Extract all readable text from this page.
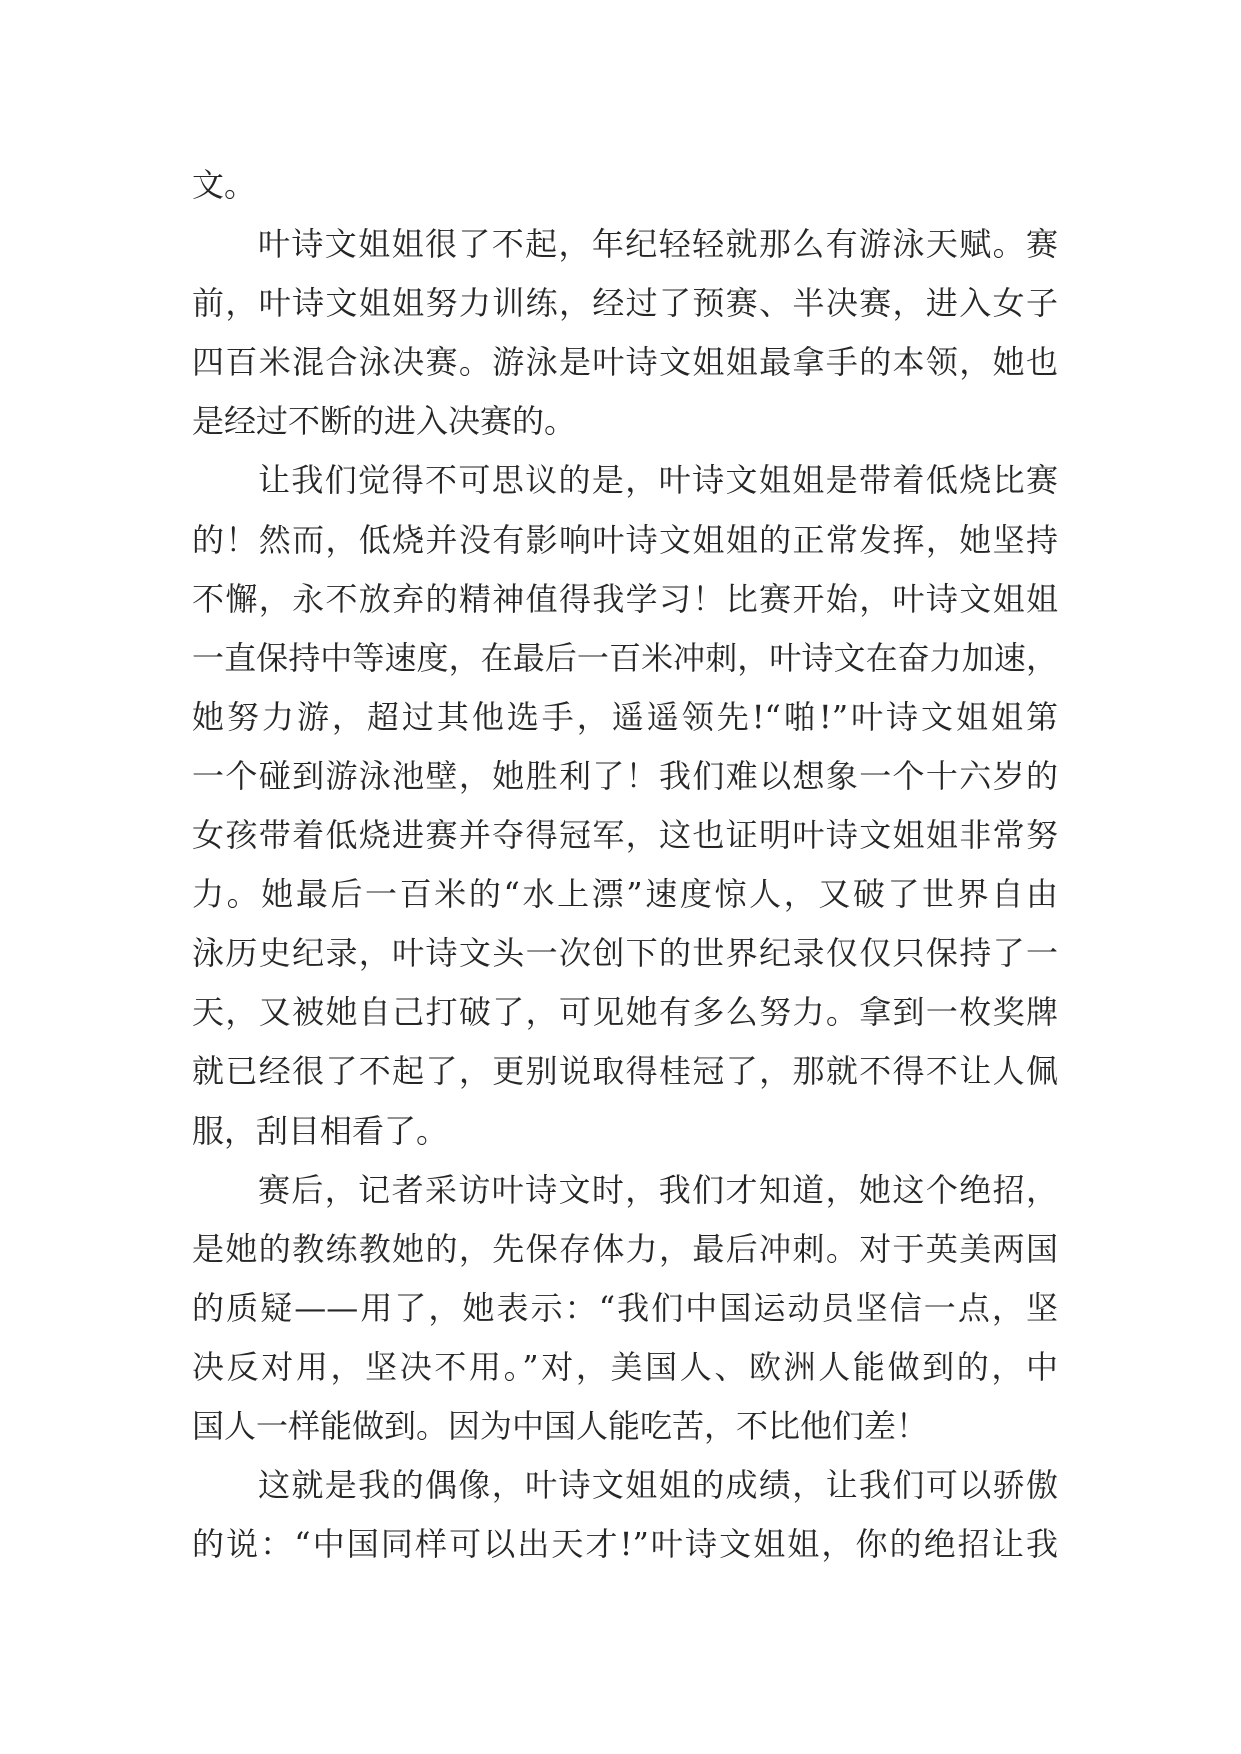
文。
叶诗文姐姐很了不起，年纪轻轻就那么有游泳天赋。赛
前，叶诗文姐姐努力训练，经过了预赛、半决赛，进入女子
四百米混合泳决赛。游泳是叶诗文姐姐最拿手的本领，她也
是经过不断的进入决赛的。
让我们觉得不可思议的是，叶诗文姐姐是带着低烧比赛
的！然而，低烧并没有影响叶诗文姐姐的正常发挥，她坚持
不懈，永不放弃的精神值得我学习！比赛开始，叶诗文姐姐
一直保持中等速度，在最后一百米冲刺，叶诗文在奋力加速，
她努力游，超过其他选手，遥遥领先!“啪!”叶诗文姐姐第
一个碰到游泳池壁，她胜利了！我们难以想象一个十六岁的
女孩带着低烧进赛并夺得冠军，这也证明叶诗文姐姐非常努
力。她最后一百米的“水上漂”速度惊人，又破了世界自由
泳历史纪录，叶诗文头一次创下的世界纪录仅仅只保持了一
天，又被她自己打破了，可见她有多么努力。拿到一枚奖牌
就已经很了不起了，更别说取得桂冠了，那就不得不让人佩
服，刮目相看了。
赛后，记者采访叶诗文时，我们才知道，她这个绝招，
是她的教练教她的，先保存体力，最后冲刺。对于英美两国
的质疑——用了，她表示：“我们中国运动员坚信一点，坚
决反对用，坚决不用。”对，美国人、欧洲人能做到的，中
国人一样能做到。因为中国人能吃苦，不比他们差！
这就是我的偶像，叶诗文姐姐的成绩，让我们可以骄傲
的说：“中国同样可以出天才!”叶诗文姐姐，你的绝招让我
